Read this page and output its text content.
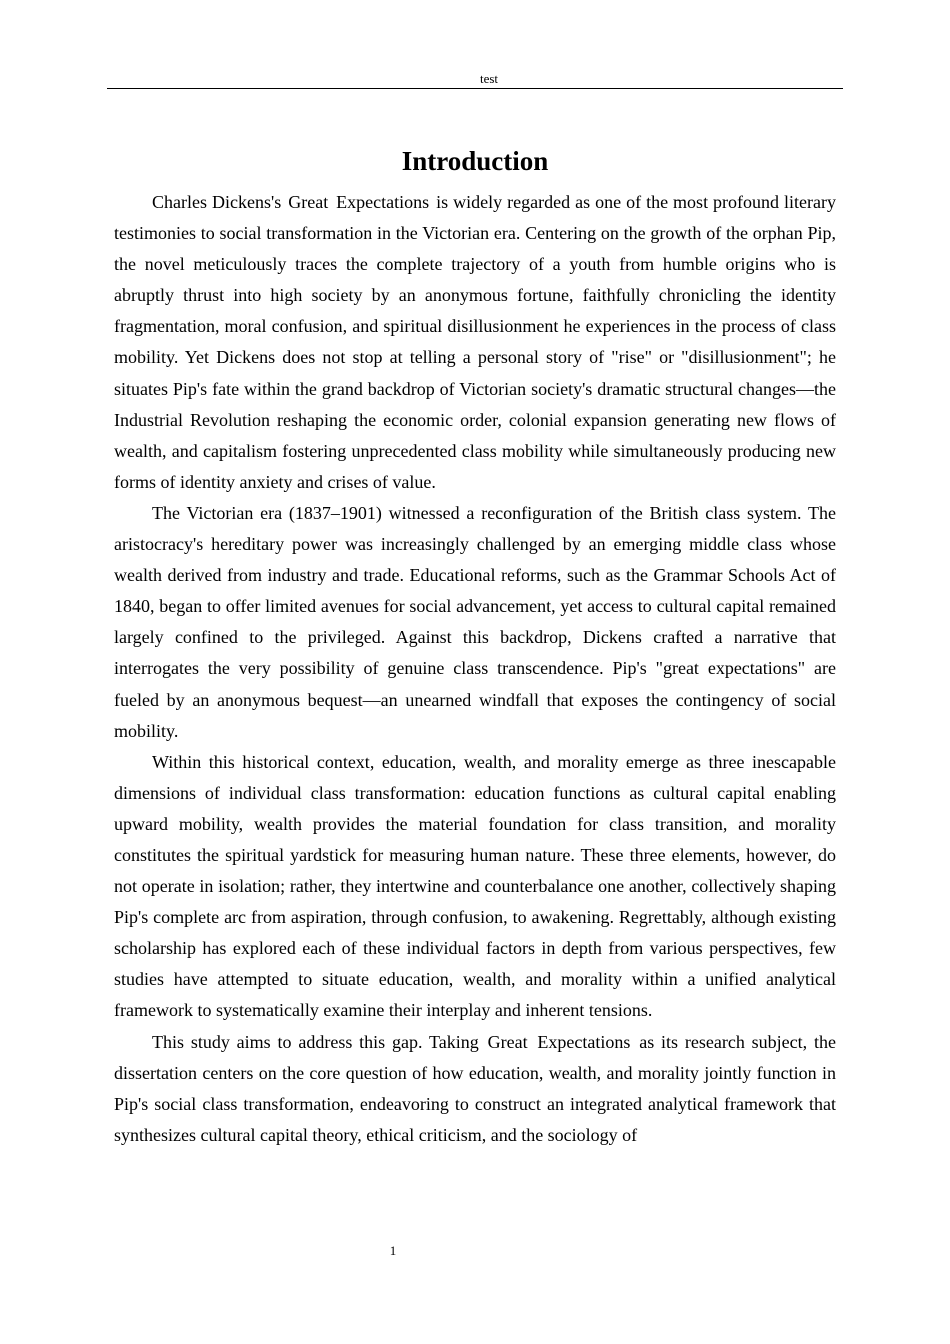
test
Introduction

Charles Dickens's Great Expectations is widely regarded as one of the most profound literary testimonies to social transformation in the Victorian era. Centering on the growth of the orphan Pip, the novel meticulously traces the complete trajectory of a youth from humble origins who is abruptly thrust into high society by an anonymous fortune, faithfully chronicling the identity fragmentation, moral confusion, and spiritual disillusionment he experiences in the process of class mobility. Yet Dickens does not stop at telling a personal story of "rise" or "disillusionment"; he situates Pip's fate within the grand backdrop of Victorian society's dramatic structural changes—the Industrial Revolution reshaping the economic order, colonial expansion generating new flows of wealth, and capitalism fostering unprecedented class mobility while simultaneously producing new forms of identity anxiety and crises of value.

The Victorian era (1837–1901) witnessed a reconfiguration of the British class system. The aristocracy's hereditary power was increasingly challenged by an emerging middle class whose wealth derived from industry and trade. Educational reforms, such as the Grammar Schools Act of 1840, began to offer limited avenues for social advancement, yet access to cultural capital remained largely confined to the privileged. Against this backdrop, Dickens crafted a narrative that interrogates the very possibility of genuine class transcendence. Pip's "great expectations" are fueled by an anonymous bequest—an unearned windfall that exposes the contingency of social mobility.

Within this historical context, education, wealth, and morality emerge as three inescapable dimensions of individual class transformation: education functions as cultural capital enabling upward mobility, wealth provides the material foundation for class transition, and morality constitutes the spiritual yardstick for measuring human nature. These three elements, however, do not operate in isolation; rather, they intertwine and counterbalance one another, collectively shaping Pip's complete arc from aspiration, through confusion, to awakening. Regrettably, although existing scholarship has explored each of these individual factors in depth from various perspectives, few studies have attempted to situate education, wealth, and morality within a unified analytical framework to systematically examine their interplay and inherent tensions.

This study aims to address this gap. Taking Great Expectations as its research subject, the dissertation centers on the core question of how education, wealth, and morality jointly function in Pip's social class transformation, endeavoring to construct an integrated analytical framework that synthesizes cultural capital theory, ethical criticism, and the sociology of

1
